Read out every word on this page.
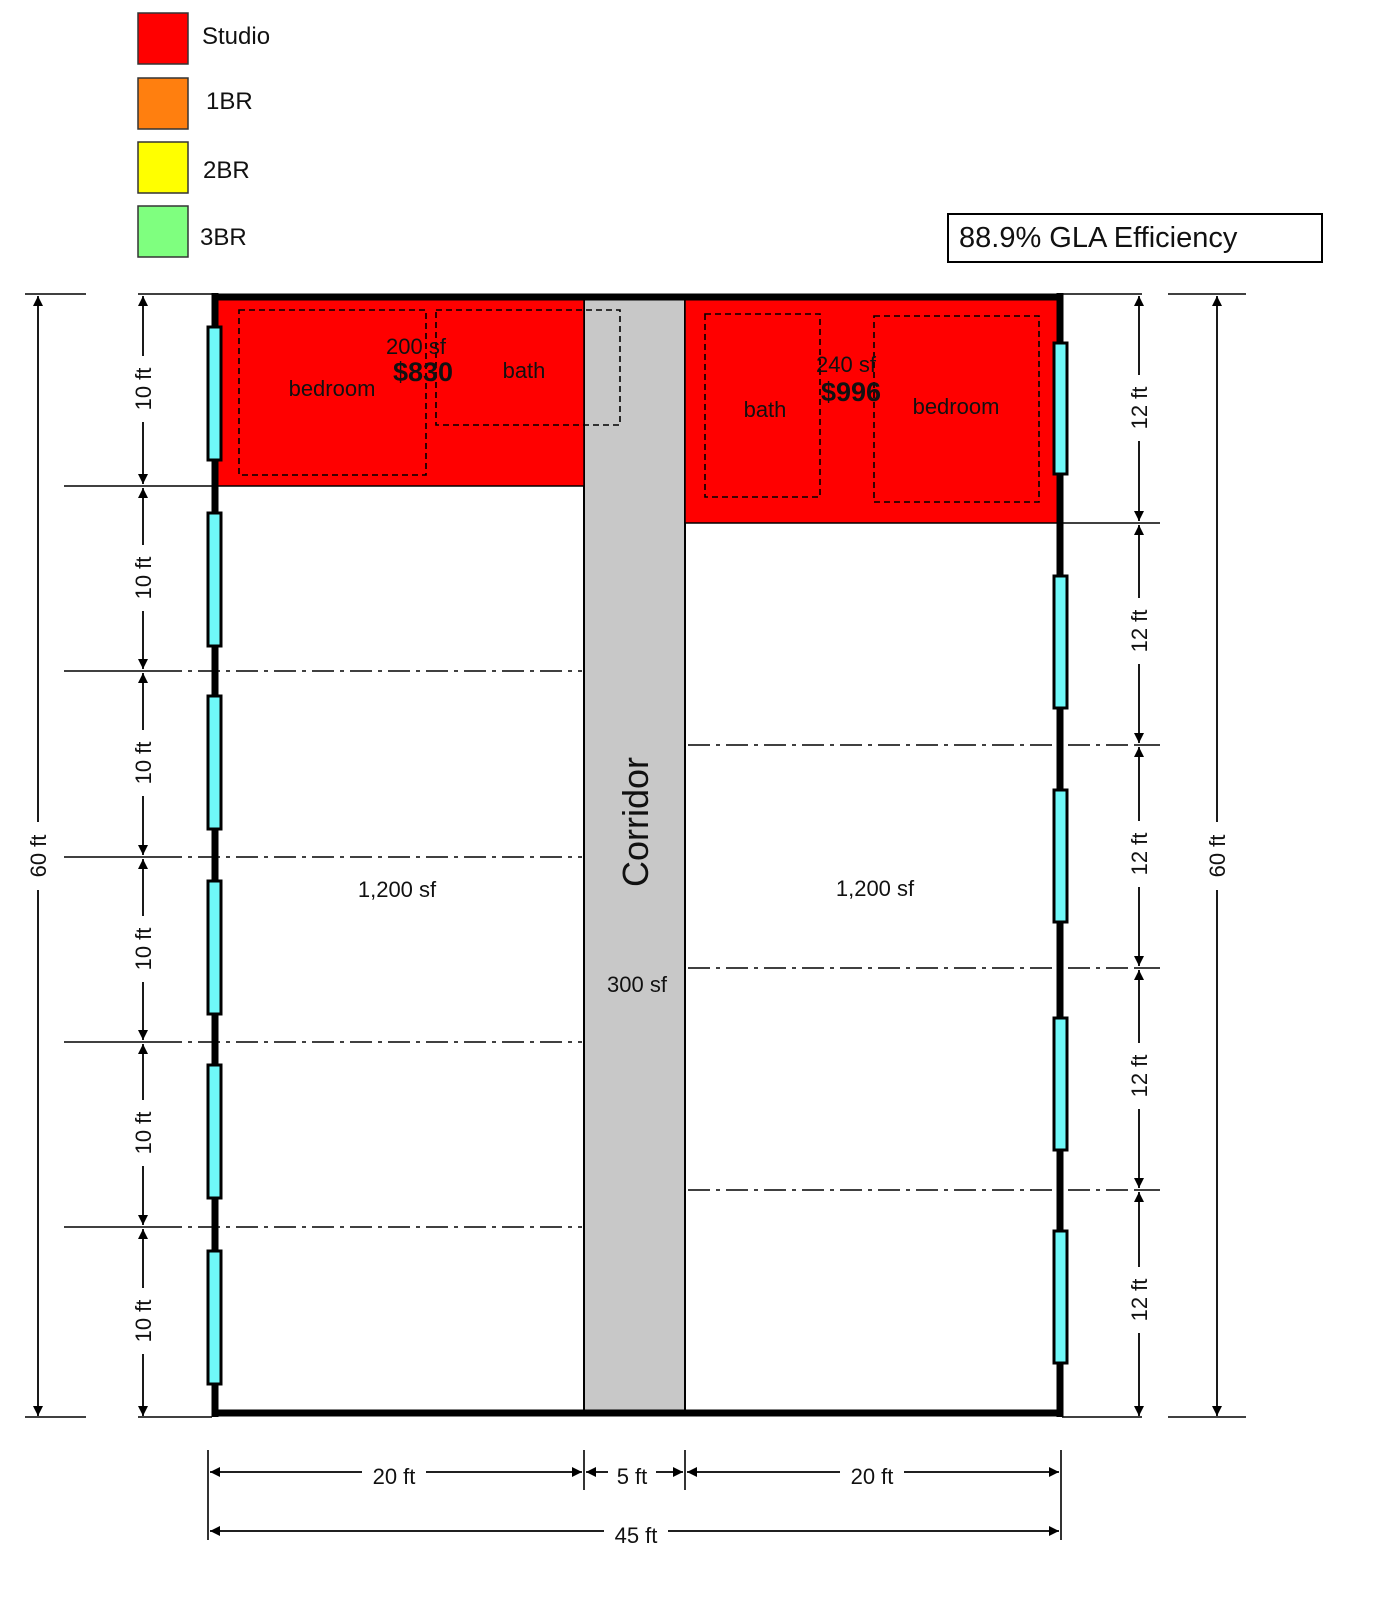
Studio
1BR
2BR
3BR
200 sf
$830
bedroom
bath	240 sf
$996
bath	bedroom
1,200 sf	1,200 sf
Corridor
300 sf
60 ft	60 ft
10 ft
10 ft
10 ft
10 ft
10 ft
10 ft
12 ft
12 ft
12 ft
12 ft
12 ft
20 ft	5 ft	20 ft
45 ft
88.9% GLA Efficiency
